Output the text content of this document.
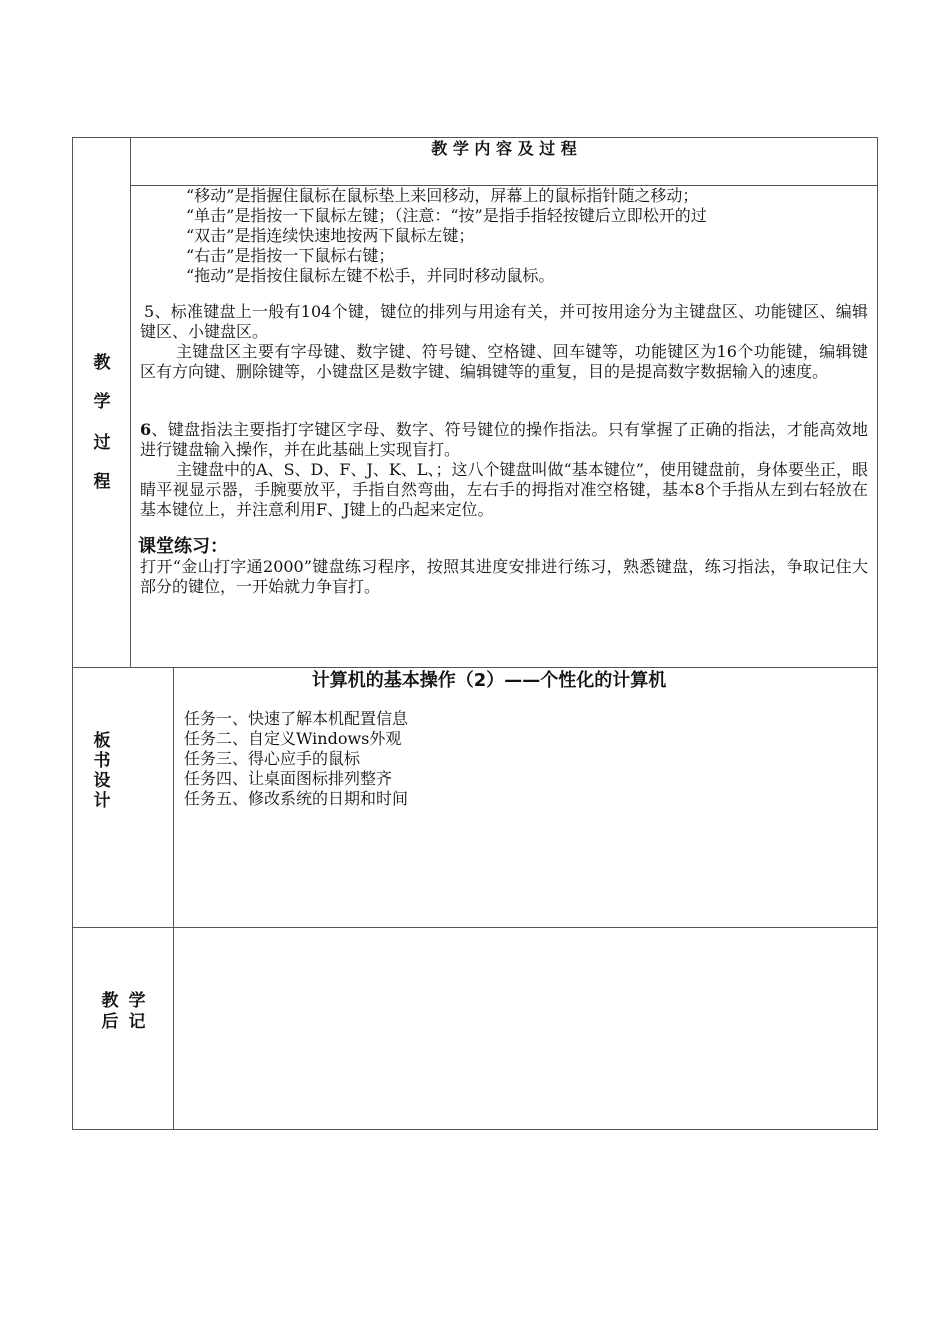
教
学
过
程
教 学 内 容 及 过 程

“移动”是指握住鼠标在鼠标垫上来回移动，屏幕上的鼠标指针随之移动；

“单击”是指按一下鼠标左键；（注意：“按”是指手指轻按键后立即松开的过

“双击”是指连续快速地按两下鼠标左键；

“右击”是指按一下鼠标右键；

“拖动”是指按住鼠标左键不松手，并同时移动鼠标。

5、标准键盘上一般有104个键，键位的排列与用途有关，并可按用途分为主键盘区、功能键区、编辑键区、小键盘区。

主键盘区主要有字母键、数字键、符号键、空格键、回车键等，功能键区为16个功能键，编辑键区有方向键、删除键等，小键盘区是数字键、编辑键等的重复，目的是提高数字数据输入的速度。

6、键盘指法主要指打字键区字母、数字、符号键位的操作指法。只有掌握了正确的指法，才能高效地进行键盘输入操作，并在此基础上实现盲打。

主键盘中的A、S、D、F、J、K、L、；这八个键盘叫做“基本键位”，使用键盘前，身体要坐正，眼睛平视显示器，手腕要放平，手指自然弯曲，左右手的拇指对准空格键，基本8个手指从左到右轻放在基本键位上，并注意利用F、J键上的凸起来定位。

课堂练习：

打开“金山打字通2000”键盘练习程序，按照其进度安排进行练习，熟悉键盘，练习指法，争取记住大部分的键位，一开始就力争盲打。

板
书
设
计
计算机的基本操作（2）——个性化的计算机

任务一、快速了解本机配置信息

任务二、自定义Windows外观

任务三、得心应手的鼠标

任务四、让桌面图标排列整齐

任务五、修改系统的日期和时间

教 学
后 记
